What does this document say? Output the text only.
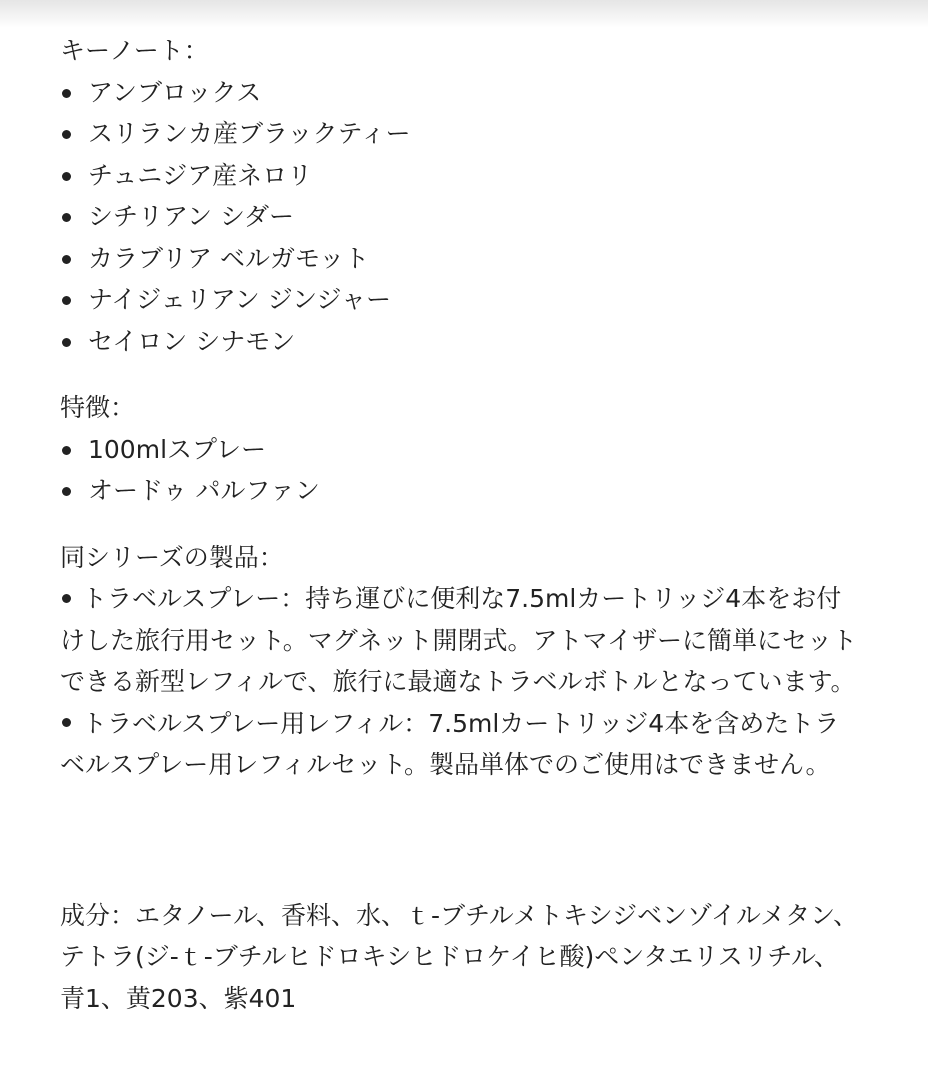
キーノート：

アンブロックス
スリランカ産ブラックティー
チュニジア産ネロリ
シチリアン シダー
カラブリア ベルガモット
ナイジェリアン ジンジャー
セイロン シナモン

特徴：

100mlスプレー
オードゥ パルファン

同シリーズの製品：

トラベルスプレー：持ち運びに便利な7.5mlカートリッジ4本をお付けした旅行用セット。マグネット開閉式。アトマイザーに簡単にセットできる新型レフィルで、旅行に最適なトラベルボトルとなっています。

トラベルスプレー用レフィル：7.5mlカートリッジ4本を含めたトラベルスプレー用レフィルセット。製品単体でのご使用はできません。

成分：エタノール、香料、水、ｔ-ブチルメトキシジベンゾイルメタン、テトラ(ジ-ｔ-ブチルヒドロキシヒドロケイヒ酸)ペンタエリスリチル、青1、黄203、紫401
